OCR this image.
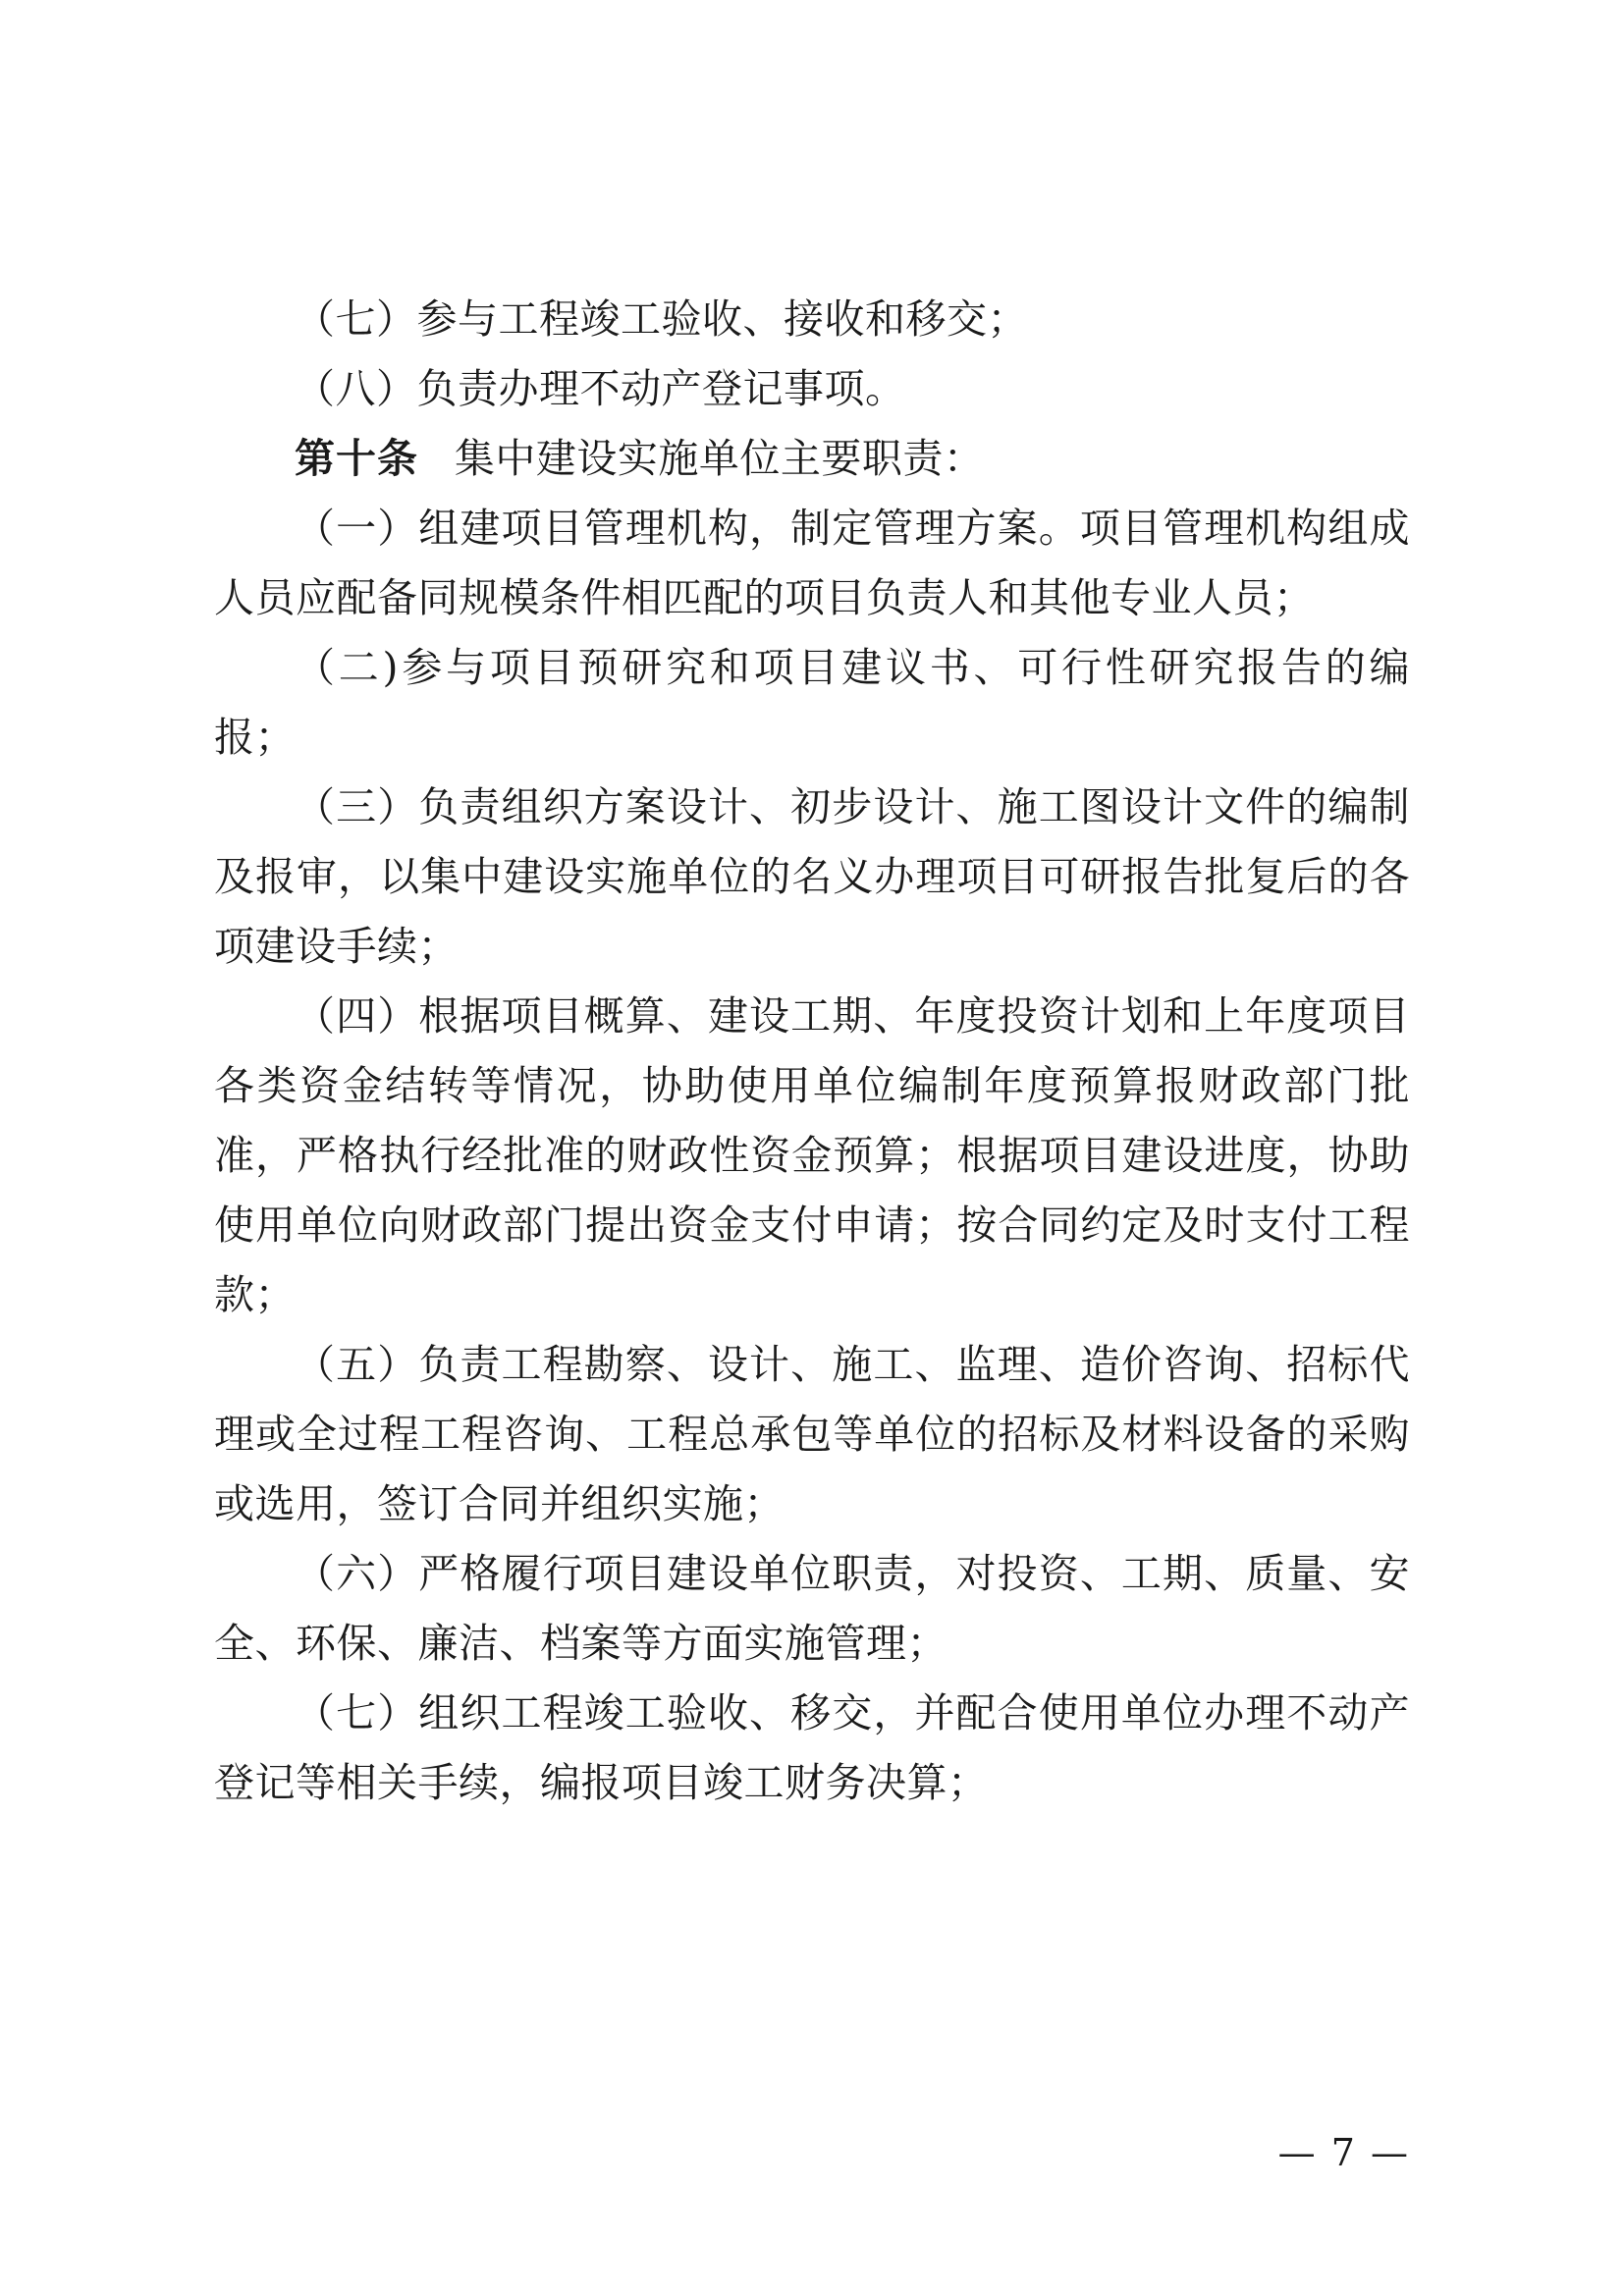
（七）参与工程竣工验收、接收和移交；

（八）负责办理不动产登记事项。

第十条 集中建设实施单位主要职责：

（一）组建项目管理机构，制定管理方案。项目管理机构组成人员应配备同规模条件相匹配的项目负责人和其他专业人员；

（二)参与项目预研究和项目建议书、可行性研究报告的编报；

（三）负责组织方案设计、初步设计、施工图设计文件的编制及报审，以集中建设实施单位的名义办理项目可研报告批复后的各项建设手续；

（四）根据项目概算、建设工期、年度投资计划和上年度项目各类资金结转等情况，协助使用单位编制年度预算报财政部门批准，严格执行经批准的财政性资金预算；根据项目建设进度，协助使用单位向财政部门提出资金支付申请；按合同约定及时支付工程款；

（五）负责工程勘察、设计、施工、监理、造价咨询、招标代理或全过程工程咨询、工程总承包等单位的招标及材料设备的采购或选用，签订合同并组织实施；

（六）严格履行项目建设单位职责，对投资、工期、质量、安全、环保、廉洁、档案等方面实施管理；

（七）组织工程竣工验收、移交，并配合使用单位办理不动产登记等相关手续，编报项目竣工财务决算；

— 7 —
